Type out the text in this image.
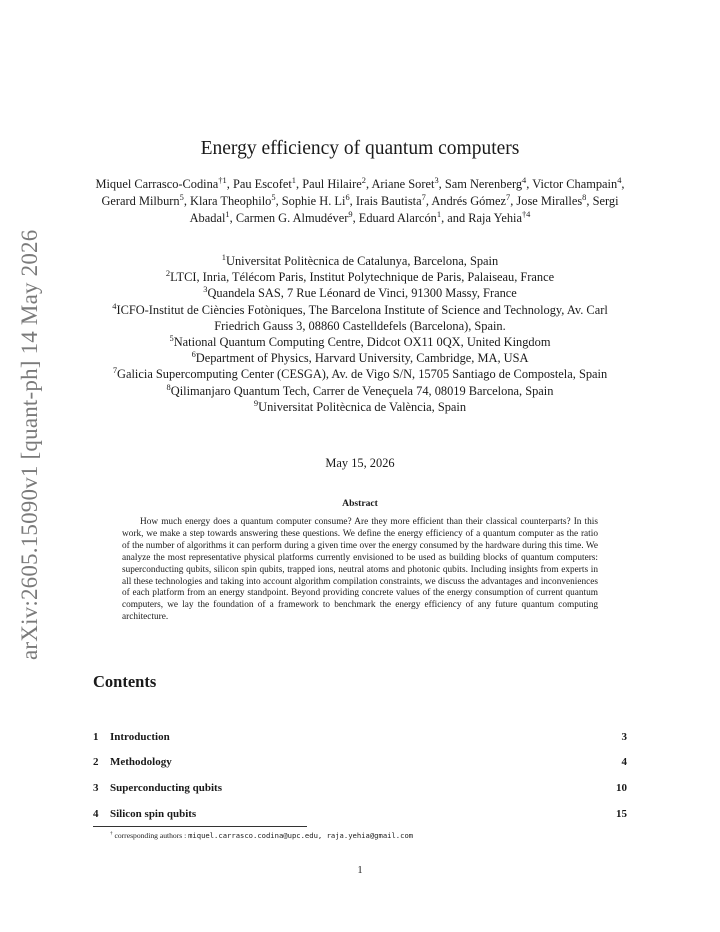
arXiv:2605.15090v1 [quant-ph] 14 May 2026
Energy efficiency of quantum computers
Miquel Carrasco-Codina$^{\dagger 1}$, Pau Escofet$^1$, Paul Hilaire$^2$, Ariane Soret$^3$, Sam Nerenberg$^4$, Victor Champain$^4$, Gerard Milburn$^5$, Klara Theophilo$^5$, Sophie H. Li$^6$, Irais Bautista$^7$, Andrés Gómez$^7$, Jose Miralles$^8$, Sergi Abadal$^1$, Carmen G. Almudéver$^9$, Eduard Alarcón$^1$, and Raja Yehia$^{\dagger 4}$
$^1$Universitat Politècnica de Catalunya, Barcelona, Spain
$^2$LTCI, Inria, Télécom Paris, Institut Polytechnique de Paris, Palaiseau, France
$^3$Quandela SAS, 7 Rue Léonard de Vinci, 91300 Massy, France
$^4$ICFO-Institut de Ciències Fotòniques, The Barcelona Institute of Science and Technology, Av. Carl Friedrich Gauss 3, 08860 Castelldefels (Barcelona), Spain.
$^5$National Quantum Computing Centre, Didcot OX11 0QX, United Kingdom
$^6$Department of Physics, Harvard University, Cambridge, MA, USA
$^7$Galicia Supercomputing Center (CESGA), Av. de Vigo S/N, 15705 Santiago de Compostela, Spain
$^8$Qilimanjaro Quantum Tech, Carrer de Veneçuela 74, 08019 Barcelona, Spain
$^9$Universitat Politècnica de València, Spain
May 15, 2026
Abstract

How much energy does a quantum computer consume? Are they more efficient than their classical counterparts? In this work, we make a step towards answering these questions. We define the energy efficiency of a quantum computer as the ratio of the number of algorithms it can perform during a given time over the energy consumed by the hardware during this time. We analyze the most representative physical platforms currently envisioned to be used as building blocks of quantum computers: superconducting qubits, silicon spin qubits, trapped ions, neutral atoms and photonic qubits. Including insights from experts in all these technologies and taking into account algorithm compilation constraints, we discuss the advantages and inconveniences of each platform from an energy standpoint. Beyond providing concrete values of the energy consumption of current quantum computers, we lay the foundation of a framework to benchmark the energy efficiency of any future quantum computing architecture.

Contents
1 Introduction	3
2 Methodology	4
3 Superconducting qubits	10
4 Silicon spin qubits	15
† corresponding authors : miquel.carrasco.codina@upc.edu, raja.yehia@gmail.com
1
